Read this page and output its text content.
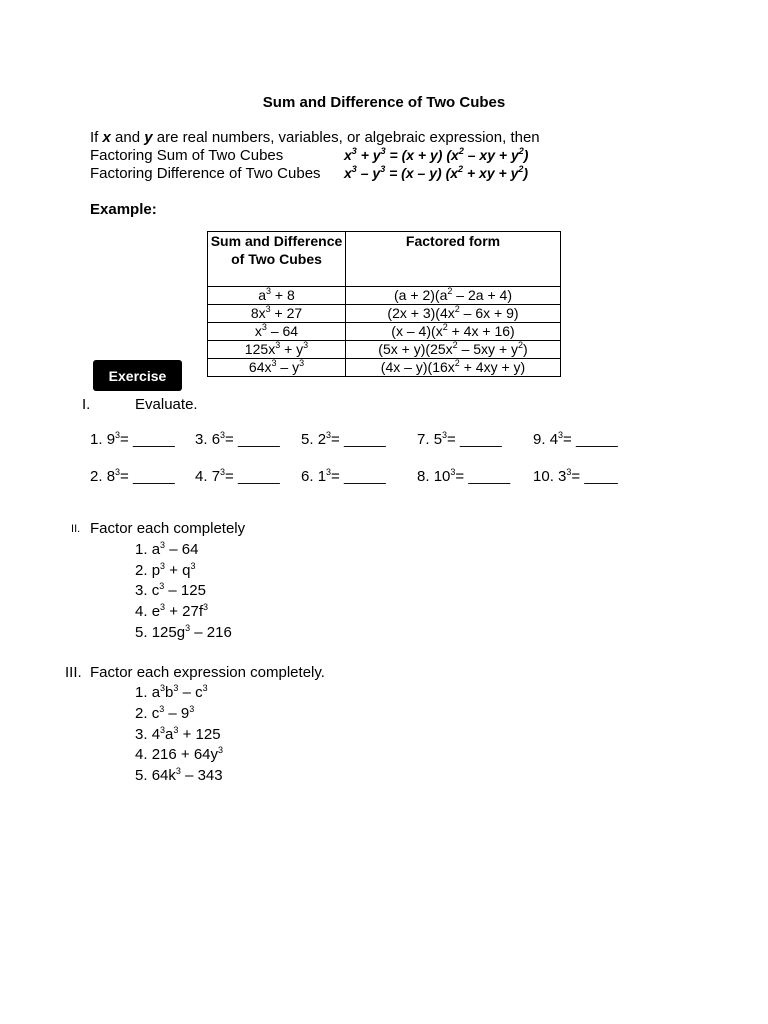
Sum and Difference of Two Cubes
If x and y are real numbers, variables, or algebraic expression, then
Factoring Sum of Two Cubes	$x^3 + y^3 = (x + y)$ ($x^2$ – xy + $y^2$)
Factoring Difference of Two Cubes $x^3 - y^3 = (x - y) (x^2$ + xy + $y^2$)
Example:
Sum and Difference of Two Cubes	Factored form
$a^3 + 8$	$(a + 2)(a^2 - 2a + 4)$
$8x^3 + 27$	$(2x + 3)(4x^2 - 6x + 9)$
$x^3 - 64$	$(x - 4)(x^2 + 4x + 16)$
$125x^3 + y^3$	$(5x + y)(25x^2 - 5xy + y^2)$
$64x^3 - y^3$	$(4x - y)(16x^2 + 4xy + y)$
Exercise
I.	Evaluate.
1. $9^3=$ _____ 3. $6^3=$ _____ 5. $2^3=$ _____ 7. $5^3=$ _____ 9. $4^3=$ _____
2. $8^3=$ _____ 4. $7^3=$ _____ 6. $1^3=$ _____ 8. $10^3=$ _____ 10. $3^3=$ ____
II. Factor each completely
1. $a^3 - 64$
2. $p^3 + q^3$
3. $c^3 - 125$
4. $e^3 + 27f^3$
5. $125g^3 - 216$
III. Factor each expression completely.
1. $a^3b^3 - c^3$
2. $c^3 - 9^3$
3. $4^3a^3 + 125$
4. $216 + 64y^3$
5. $64k^3 - 343$
